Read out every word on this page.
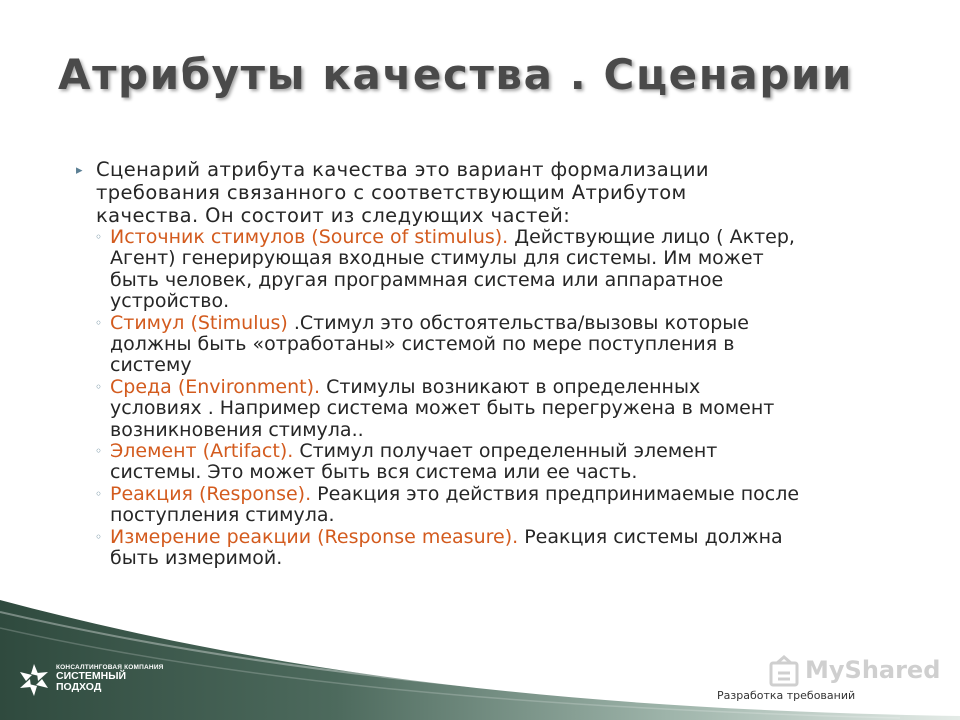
Атрибуты качества . Сценарии
▸ Сценарий атрибута качества это вариант формализации
требования связанного с соответствующим Атрибутом
качества. Он состоит из следующих частей:
◦ Источник стимулов (Source of stimulus). Действующие лицо ( Актер,
Агент) генерирующая входные стимулы для системы. Им может
быть человек, другая программная система или аппаратное
устройство.
◦ Стимул (Stimulus) .Стимул это обстоятельства/вызовы которые
должны быть «отработаны» системой по мере поступления в
систему
◦ Среда (Environment). Стимулы возникают в определенных
условиях . Например система может быть перегружена в момент
возникновения стимула..
◦ Элемент (Artifact). Стимул получает определенный элемент
системы. Это может быть вся система или ее часть.
◦ Реакция (Response). Реакция это действия предпринимаемые после
поступления стимула.
◦ Измерение реакции (Response measure). Реакция системы должна
быть измеримой.
КОНСАЛТИНГОВАЯ КОМПАНИЯ
СИСТЕМНЫЙ
ПОДХОД
MyShared
Разработка требований
